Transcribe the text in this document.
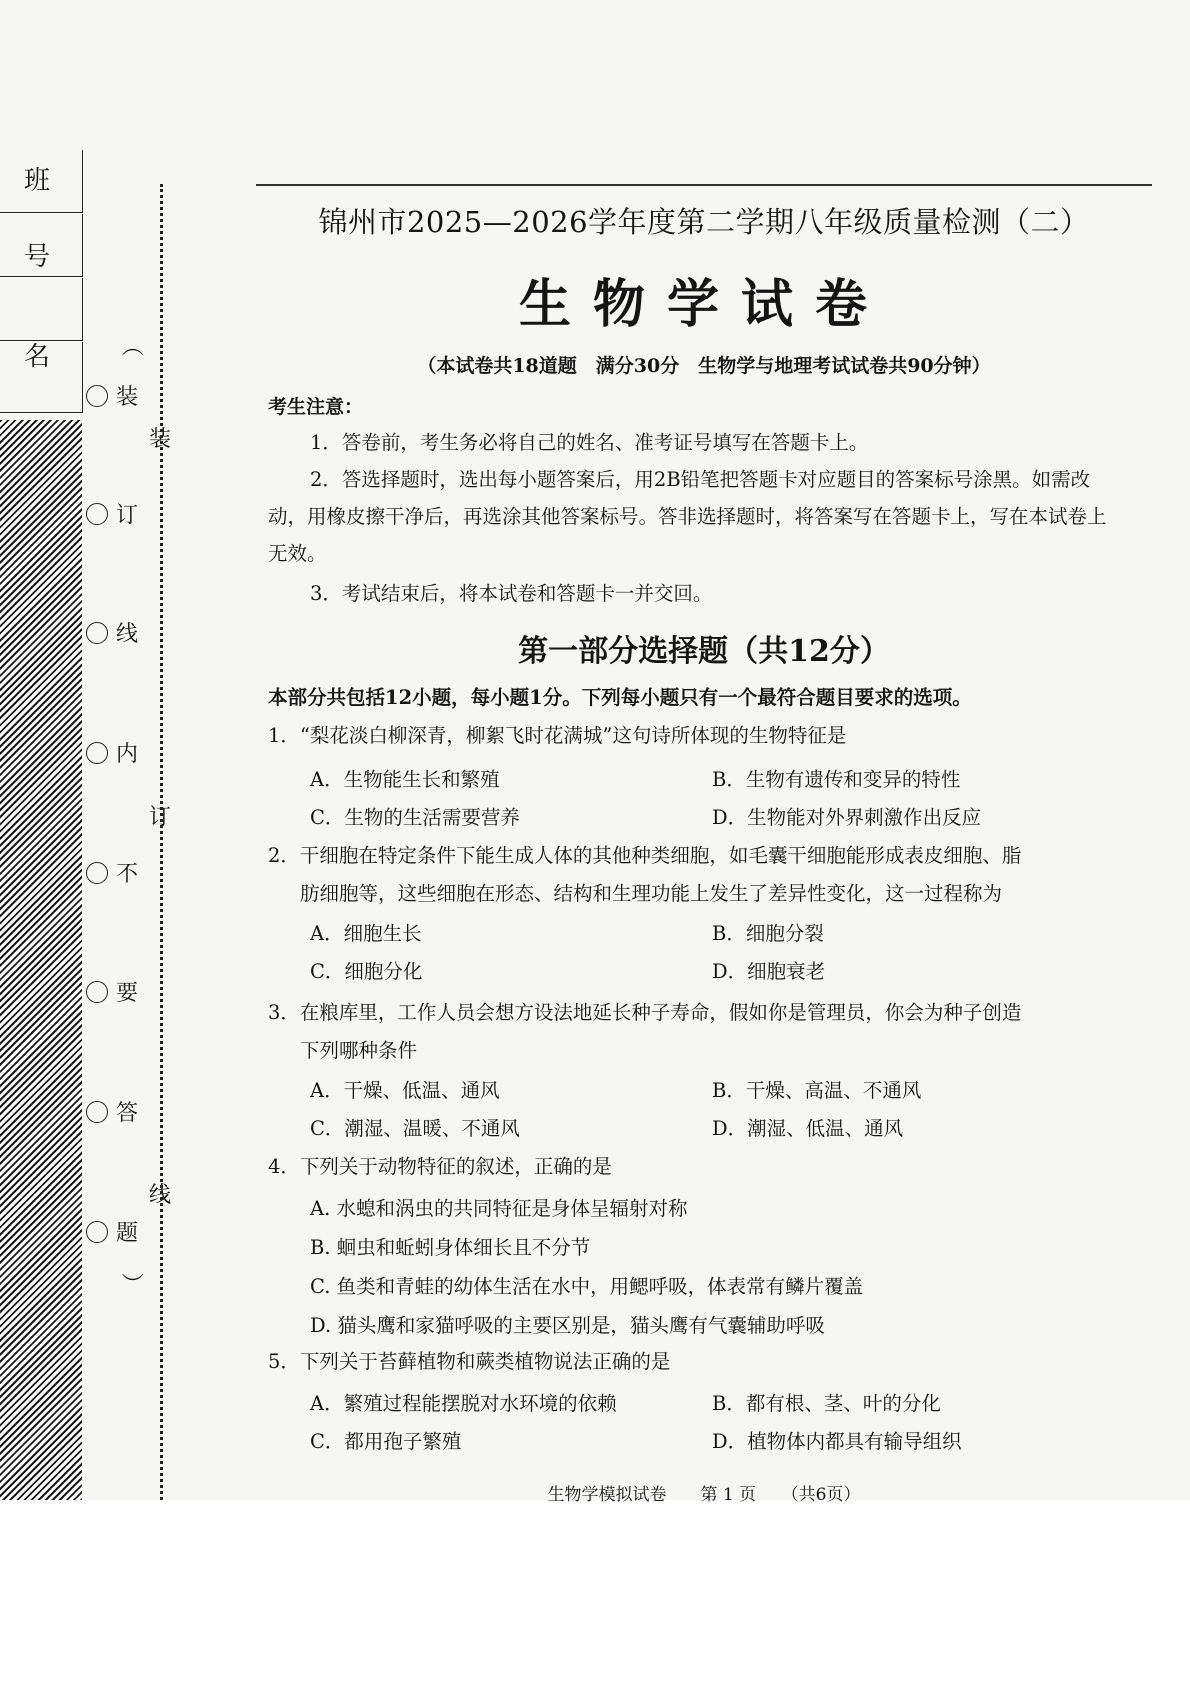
班
号
名
装
订
线
内
不
要
答
题
（
）
装
订
线
锦州市2025—2026学年度第二学期八年级质量检测（二）
生物学试卷
（本试卷共18道题　满分30分　生物学与地理考试试卷共90分钟）
考生注意：
1．答卷前，考生务必将自己的姓名、准考证号填写在答题卡上。
2．答选择题时，选出每小题答案后，用2B铅笔把答题卡对应题目的答案标号涂黑。如需改动，用橡皮擦干净后，再选涂其他答案标号。答非选择题时，将答案写在答题卡上，写在本试卷上无效。
3．考试结束后，将本试卷和答题卡一并交回。
第一部分选择题（共12分）
本部分共包括12小题，每小题1分。下列每小题只有一个最符合题目要求的选项。
1．“梨花淡白柳深青，柳絮飞时花满城”这句诗所体现的生物特征是
A．生物能生长和繁殖	B．生物有遗传和变异的特性
C．生物的生活需要营养	D．生物能对外界刺激作出反应
2．干细胞在特定条件下能生成人体的其他种类细胞，如毛囊干细胞能形成表皮细胞、脂
肪细胞等，这些细胞在形态、结构和生理功能上发生了差异性变化，这一过程称为
A．细胞生长	B．细胞分裂
C．细胞分化	D．细胞衰老
3．在粮库里，工作人员会想方设法地延长种子寿命，假如你是管理员，你会为种子创造
下列哪种条件
A．干燥、低温、通风	B．干燥、高温、不通风
C．潮湿、温暖、不通风	D．潮湿、低温、通风
4．下列关于动物特征的叙述，正确的是
A. 水螅和涡虫的共同特征是身体呈辐射对称
B. 蛔虫和蚯蚓身体细长且不分节
C. 鱼类和青蛙的幼体生活在水中，用鳃呼吸，体表常有鳞片覆盖
D. 猫头鹰和家猫呼吸的主要区别是，猫头鹰有气囊辅助呼吸
5．下列关于苔藓植物和蕨类植物说法正确的是
A．繁殖过程能摆脱对水环境的依赖	B．都有根、茎、叶的分化
C．都用孢子繁殖	D．植物体内都具有输导组织
生物学模拟试卷　　第 1 页　　（共6页）
